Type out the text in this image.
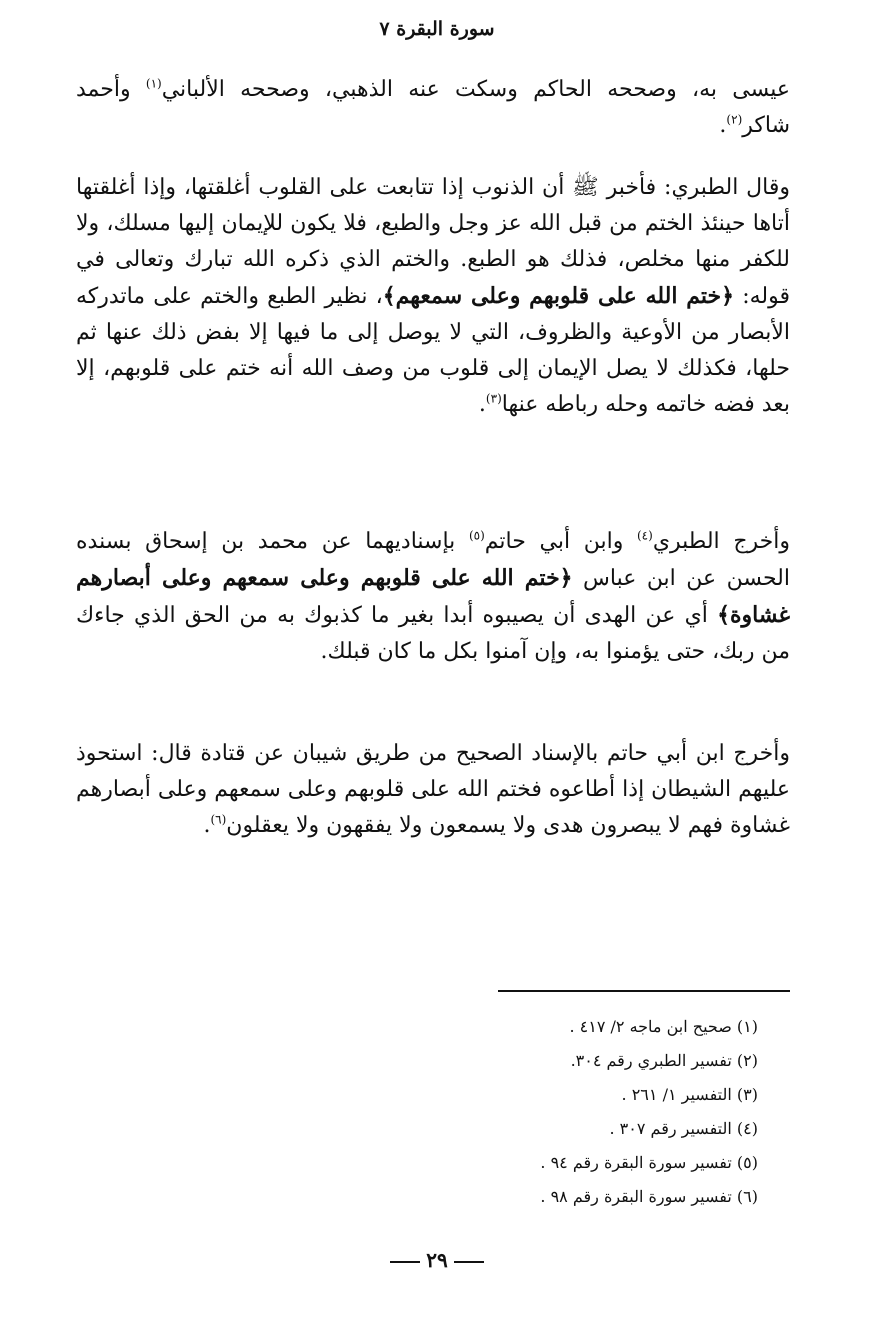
سورة البقرة ٧

عيسى به، وصححه الحاكم وسكت عنه الذهبي، وصححه الألباني$^{(١)}$ وأحمد شاكر$^{(٢)}$.

وقال الطبري: فأخبر ﷺ أن الذنوب إذا تتابعت على القلوب أغلقتها، وإذا أغلقتها أتاها حينئذ الختم من قبل الله عز وجل والطبع، فلا يكون للإيمان إليها مسلك، ولا للكفر منها مخلص، فذلك هو الطبع. والختم الذي ذكره الله تبارك وتعالى في قوله: ﴿ختم الله على قلوبهم وعلى سمعهم﴾، نظير الطبع والختم على ماتدركه الأبصار من الأوعية والظروف، التي لا يوصل إلى ما فيها إلا بفض ذلك عنها ثم حلها، فكذلك لا يصل الإيمان إلى قلوب من وصف الله أنه ختم على قلوبهم، إلا بعد فضه خاتمه وحله رباطه عنها$^{(٣)}$.

وأخرج الطبري$^{(٤)}$ وابن أبي حاتم$^{(٥)}$ بإسناديهما عن محمد بن إسحاق بسنده الحسن عن ابن عباس ﴿ختم الله على قلوبهم وعلى سمعهم وعلى أبصارهم غشاوة﴾ أي عن الهدى أن يصيبوه أبدا بغير ما كذبوك به من الحق الذي جاءك من ربك، حتى يؤمنوا به، وإن آمنوا بكل ما كان قبلك.

وأخرج ابن أبي حاتم بالإسناد الصحيح من طريق شيبان عن قتادة قال: استحوذ عليهم الشيطان إذا أطاعوه فختم الله على قلوبهم وعلى سمعهم وعلى أبصارهم غشاوة فهم لا يبصرون هدى ولا يسمعون ولا يفقهون ولا يعقلون$^{(٦)}$.

(١) صحيح ابن ماجه ٢/ ٤١٧ .
(٢) تفسير الطبري رقم ٣٠٤.
(٣) التفسير ١/ ٢٦١ .
(٤) التفسير رقم ٣٠٧ .
(٥) تفسير سورة البقرة رقم ٩٤ .
(٦) تفسير سورة البقرة رقم ٩٨ .
٢٩
